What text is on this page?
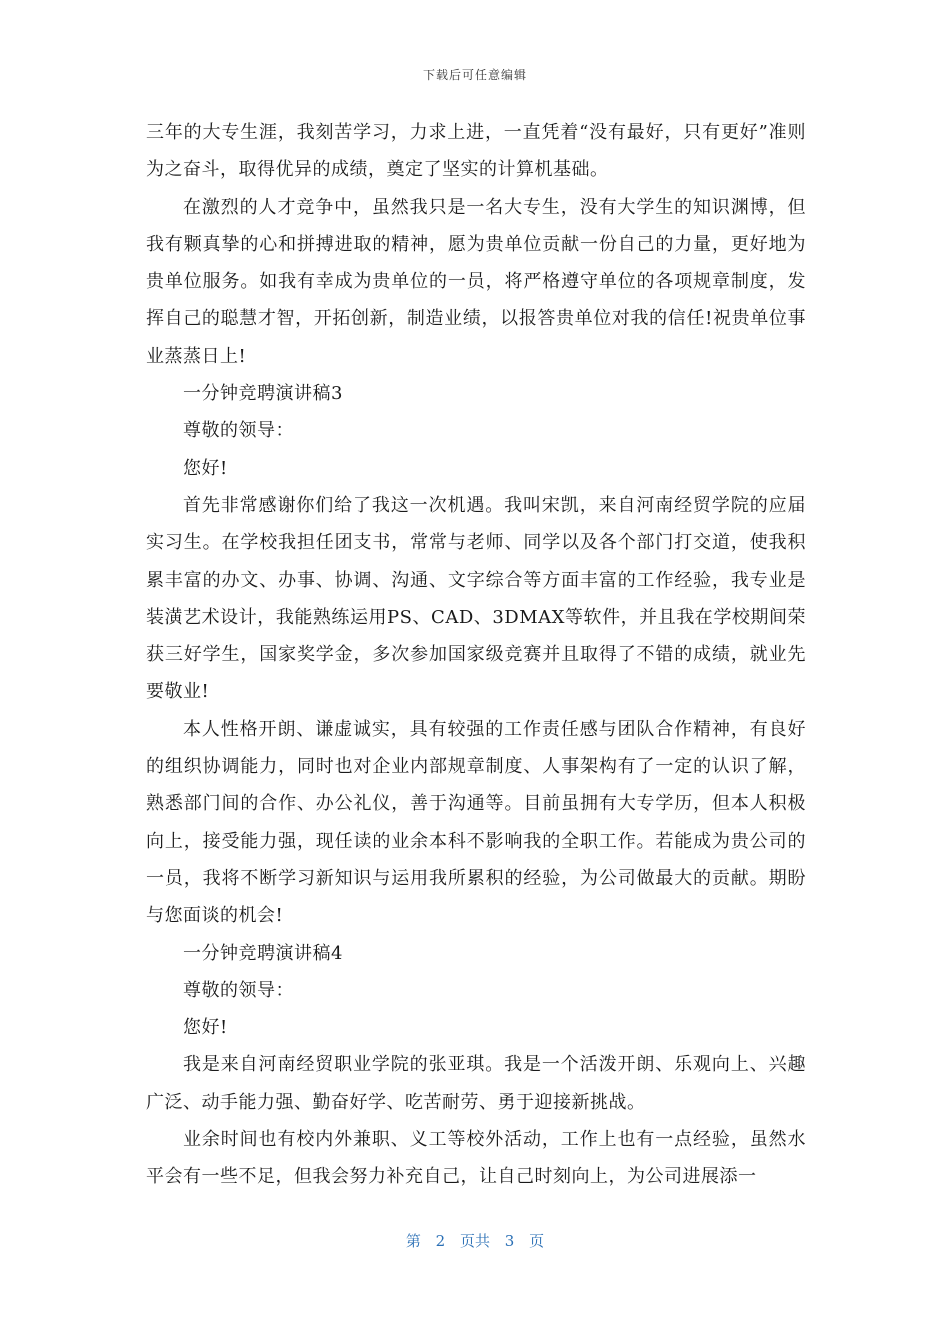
下载后可任意编辑

三年的大专生涯，我刻苦学习，力求上进，一直凭着“没有最好，只有更好”准则为之奋斗，取得优异的成绩，奠定了坚实的计算机基础。

在激烈的人才竞争中，虽然我只是一名大专生，没有大学生的知识渊博，但我有颗真挚的心和拼搏进取的精神，愿为贵单位贡献一份自己的力量，更好地为贵单位服务。如我有幸成为贵单位的一员，将严格遵守单位的各项规章制度，发挥自己的聪慧才智，开拓创新，制造业绩，以报答贵单位对我的信任!祝贵单位事业蒸蒸日上!

一分钟竞聘演讲稿3

尊敬的领导：

您好!

首先非常感谢你们给了我这一次机遇。我叫宋凯，来自河南经贸学院的应届实习生。在学校我担任团支书，常常与老师、同学以及各个部门打交道，使我积累丰富的办文、办事、协调、沟通、文字综合等方面丰富的工作经验，我专业是装潢艺术设计，我能熟练运用PS、CAD、3DMAX等软件，并且我在学校期间荣获三好学生，国家奖学金，多次参加国家级竞赛并且取得了不错的成绩，就业先要敬业!

本人性格开朗、谦虚诚实，具有较强的工作责任感与团队合作精神，有良好的组织协调能力，同时也对企业内部规章制度、人事架构有了一定的认识了解，熟悉部门间的合作、办公礼仪，善于沟通等。目前虽拥有大专学历，但本人积极向上，接受能力强，现任读的业余本科不影响我的全职工作。若能成为贵公司的一员，我将不断学习新知识与运用我所累积的经验，为公司做最大的贡献。期盼与您面谈的机会!

一分钟竞聘演讲稿4

尊敬的领导：

您好!

我是来自河南经贸职业学院的张亚琪。我是一个活泼开朗、乐观向上、兴趣广泛、动手能力强、勤奋好学、吃苦耐劳、勇于迎接新挑战。

业余时间也有校内外兼职、义工等校外活动，工作上也有一点经验，虽然水平会有一些不足，但我会努力补充自己，让自己时刻向上，为公司进展添一

第 2 页共 3 页
